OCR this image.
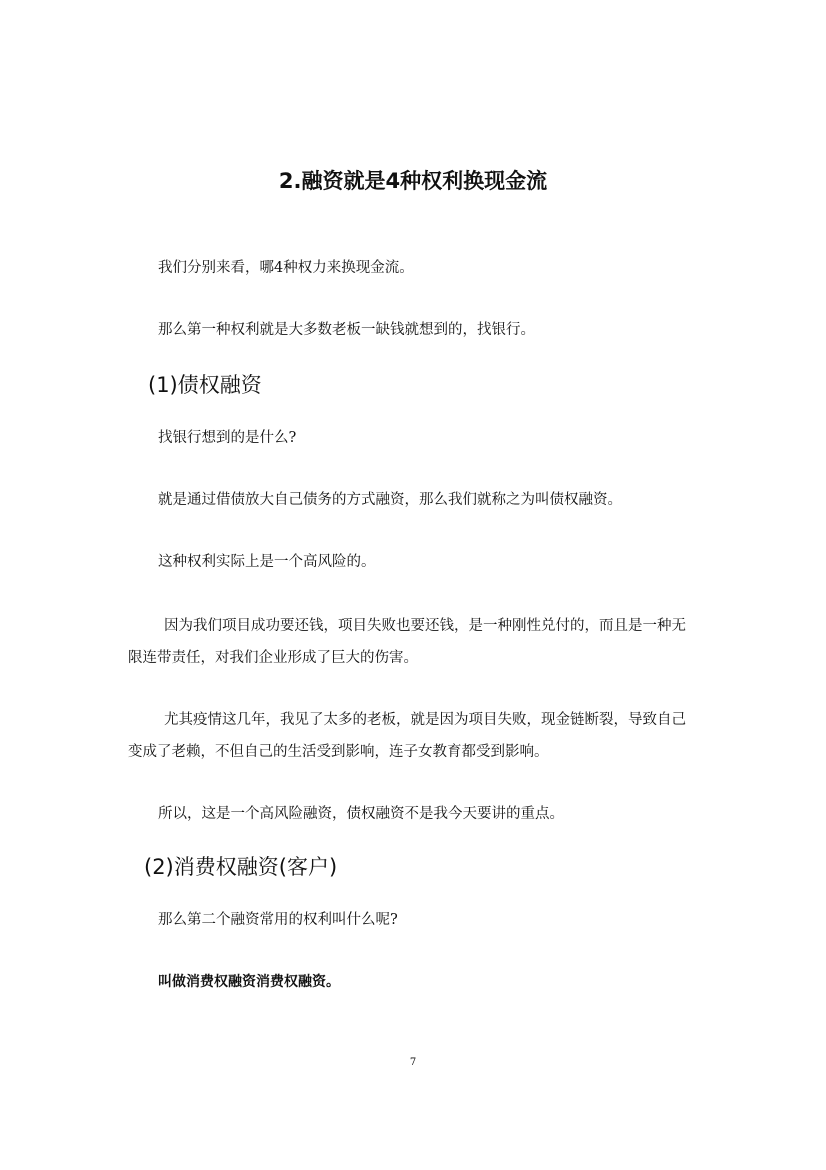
2.融资就是4种权利换现金流
我们分别来看，哪4种权力来换现金流。
那么第一种权利就是大多数老板一缺钱就想到的，找银行。
(1)债权融资
找银行想到的是什么?
就是通过借债放大自己债务的方式融资，那么我们就称之为叫债权融资。
这种权利实际上是一个高风险的。
因为我们项目成功要还钱，项目失败也要还钱，是一种刚性兑付的，而且是一种无限连带责任，对我们企业形成了巨大的伤害。
尤其疫情这几年，我见了太多的老板，就是因为项目失败，现金链断裂，导致自己变成了老赖，不但自己的生活受到影响，连子女教育都受到影响。
所以，这是一个高风险融资，债权融资不是我今天要讲的重点。
(2)消费权融资(客户)
那么第二个融资常用的权利叫什么呢?
叫做消费权融资消费权融资。
7
